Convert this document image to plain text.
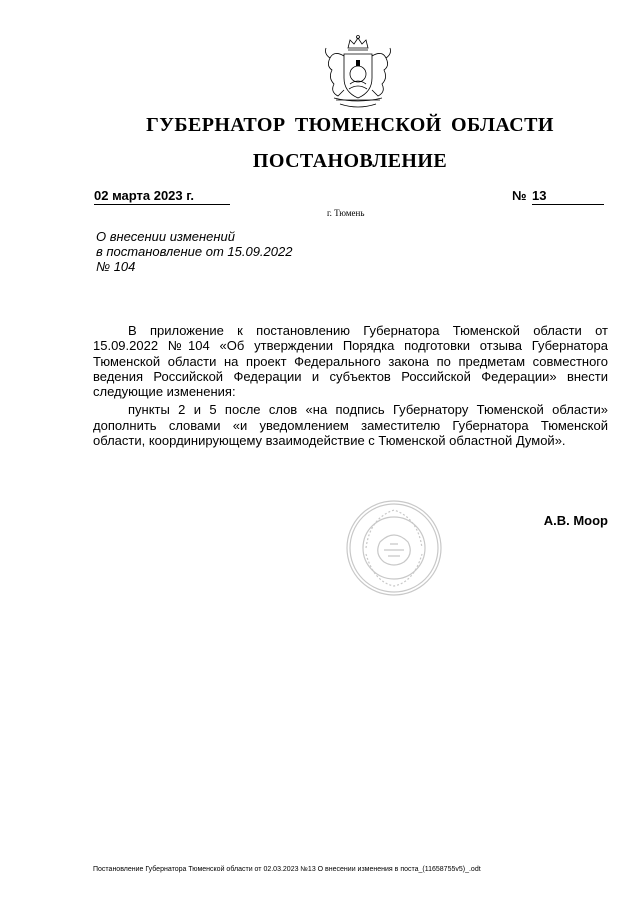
ГУБЕРНАТОР ТЮМЕНСКОЙ ОБЛАСТИ
ПОСТАНОВЛЕНИЕ
02 марта 2023 г.	№ 13
г. Тюмень
О внесении изменений
в постановление от 15.09.2022
№ 104

В приложение к постановлению Губернатора Тюменской области от 15.09.2022 №104 «Об утверждении Порядка подготовки отзыва Губернатора Тюменской области на проект Федерального закона по предметам совместного ведения Российской Федерации и субъектов Российской Федерации» внести следующие изменения:

пункты 2 и 5 после слов «на подпись Губернатору Тюменской области» дополнить словами «и уведомлением заместителю Губернатора Тюменской области, координирующему взаимодействие с Тюменской областной Думой».

А.В. Моор
Постановление Губернатора Тюменской области от 02.03.2023 №13 О внесении изменения в поста_(11658755v5)_.odt
